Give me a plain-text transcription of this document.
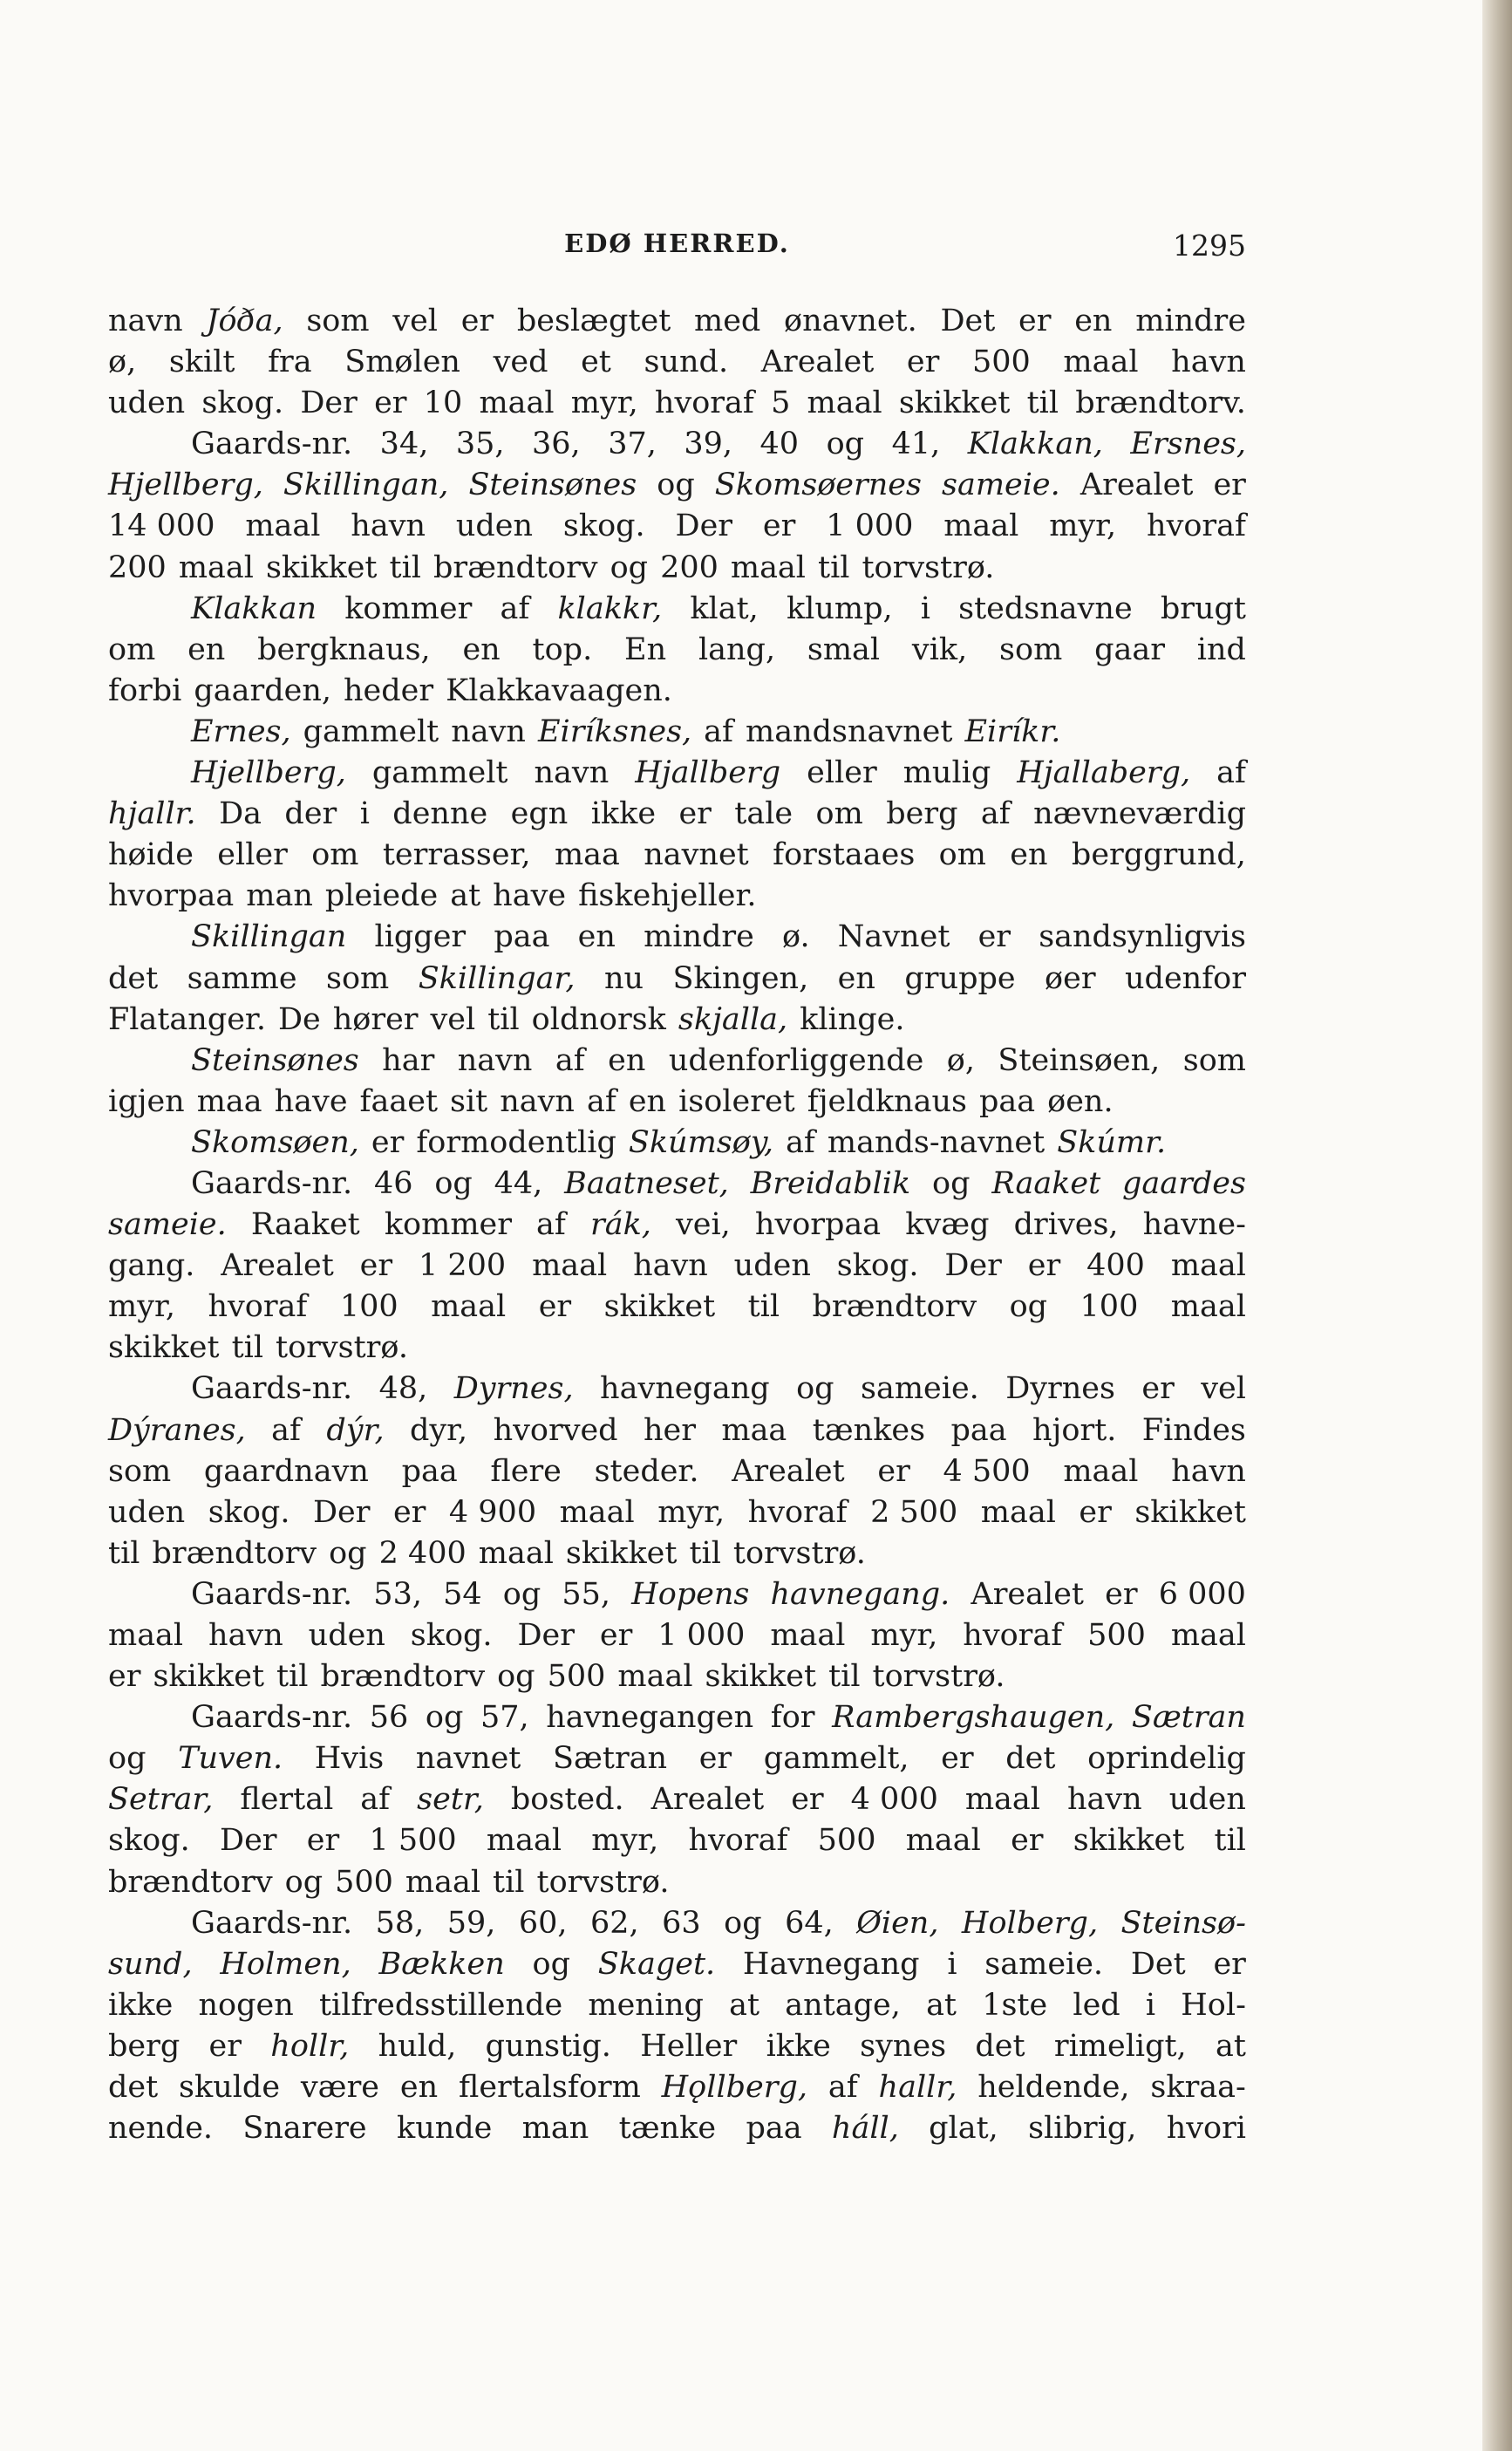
EDØ HERRED.	1295
navn Jóða, som vel er beslægtet med ønavnet. Det er en mindre
ø, skilt fra Smølen ved et sund. Arealet er 500 maal havn
uden skog. Der er 10 maal myr, hvoraf 5 maal skikket til brændtorv.
Gaards-nr. 34, 35, 36, 37, 39, 40 og 41, Klakkan, Ersnes,
Hjellberg, Skillingan, Steinsønes og Skomsøernes sameie. Arealet er
14 000 maal havn uden skog. Der er 1 000 maal myr, hvoraf
200 maal skikket til brændtorv og 200 maal til torvstrø.
Klakkan kommer af klakkr, klat, klump, i stedsnavne brugt
om en bergknaus, en top. En lang, smal vik, som gaar ind
forbi gaarden, heder Klakkavaagen.
Ernes, gammelt navn Eiríksnes, af mandsnavnet Eiríkr.
Hjellberg, gammelt navn Hjallberg eller mulig Hjallaberg, af
hjallr. Da der i denne egn ikke er tale om berg af nævneværdig
høide eller om terrasser, maa navnet forstaaes om en berggrund,
hvorpaa man pleiede at have fiskehjeller.
Skillingan ligger paa en mindre ø. Navnet er sandsynligvis
det samme som Skillingar, nu Skingen, en gruppe øer udenfor
Flatanger. De hører vel til oldnorsk skjalla, klinge.
Steinsønes har navn af en udenforliggende ø, Steinsøen, som
igjen maa have faaet sit navn af en isoleret fjeldknaus paa øen.
Skomsøen, er formodentlig Skúmsøy, af mands-navnet Skúmr.
Gaards-nr. 46 og 44, Baatneset, Breidablik og Raaket gaardes
sameie. Raaket kommer af rák, vei, hvorpaa kvæg drives, havne-
gang. Arealet er 1 200 maal havn uden skog. Der er 400 maal
myr, hvoraf 100 maal er skikket til brændtorv og 100 maal
skikket til torvstrø.
Gaards-nr. 48, Dyrnes, havnegang og sameie. Dyrnes er vel
Dýranes, af dýr, dyr, hvorved her maa tænkes paa hjort. Findes
som gaardnavn paa flere steder. Arealet er 4 500 maal havn
uden skog. Der er 4 900 maal myr, hvoraf 2 500 maal er skikket
til brændtorv og 2 400 maal skikket til torvstrø.
Gaards-nr. 53, 54 og 55, Hopens havnegang. Arealet er 6 000
maal havn uden skog. Der er 1 000 maal myr, hvoraf 500 maal
er skikket til brændtorv og 500 maal skikket til torvstrø.
Gaards-nr. 56 og 57, havnegangen for Rambergshaugen, Sætran
og Tuven. Hvis navnet Sætran er gammelt, er det oprindelig
Setrar, flertal af setr, bosted. Arealet er 4 000 maal havn uden
skog. Der er 1 500 maal myr, hvoraf 500 maal er skikket til
brændtorv og 500 maal til torvstrø.
Gaards-nr. 58, 59, 60, 62, 63 og 64, Øien, Holberg, Steinsø-
sund, Holmen, Bækken og Skaget. Havnegang i sameie. Det er
ikke nogen tilfredsstillende mening at antage, at 1ste led i Hol-
berg er hollr, huld, gunstig. Heller ikke synes det rimeligt, at
det skulde være en flertalsform Hǫllberg, af hallr, heldende, skraa-
nende. Snarere kunde man tænke paa háll, glat, slibrig, hvori
